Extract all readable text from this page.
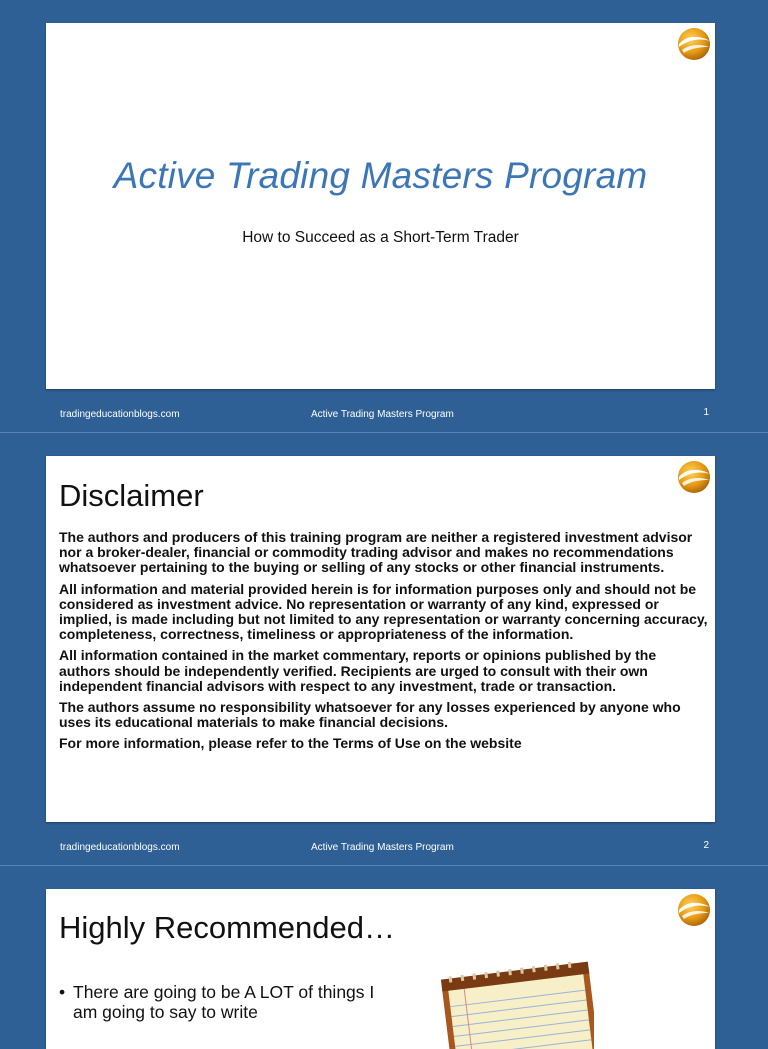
Active Trading Masters Program
How to Succeed as a Short-Term Trader
tradingeducationblogs.com	Active Trading Masters Program	1
Disclaimer

The authors and producers of this training program are neither a registered investment advisor nor a broker-dealer, financial or commodity trading advisor and makes no recommendations whatsoever pertaining to the buying or selling of any stocks or other financial instruments.

All information and material provided herein is for information purposes only and should not be considered as investment advice. No representation or warranty of any kind, expressed or implied, is made including but not limited to any representation or warranty concerning accuracy, completeness, correctness, timeliness or appropriateness of the information.

All information contained in the market commentary, reports or opinions published by the authors should be independently verified. Recipients are urged to consult with their own independent financial advisors with respect to any investment, trade or transaction.

The authors assume no responsibility whatsoever for any losses experienced by anyone who uses its educational materials to make financial decisions.

For more information, please refer to the Terms of Use on the website

tradingeducationblogs.com	Active Trading Masters Program	2
Highly Recommended…
• There are going to be A LOT of things I am going to say to write
